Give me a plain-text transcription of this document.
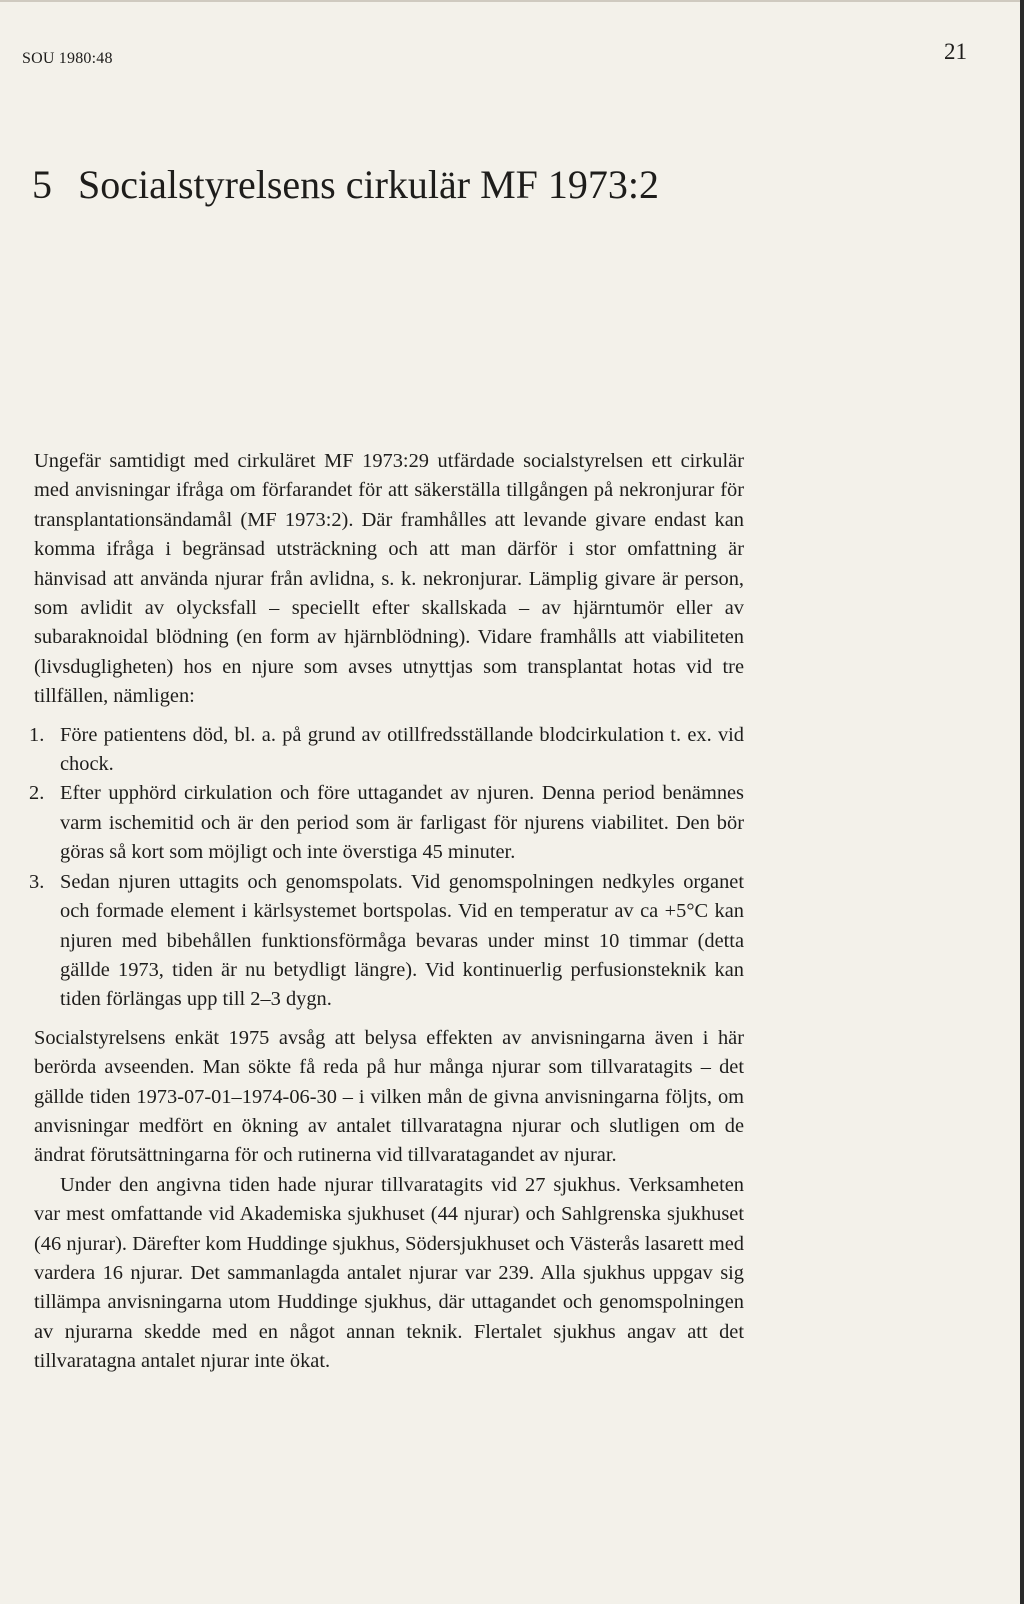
SOU 1980:48	21
5 Socialstyrelsens cirkulär MF 1973:2

Ungefär samtidigt med cirkuläret MF 1973:29 utfärdade socialstyrelsen ett cirkulär med anvisningar ifråga om förfarandet för att säkerställa tillgången på nekronjurar för transplantationsändamål (MF 1973:2). Där framhålles att levande givare endast kan komma ifråga i begränsad utsträckning och att man därför i stor omfattning är hänvisad att använda njurar från avlidna, s. k. nekronjurar. Lämplig givare är person, som avlidit av olycksfall – speciellt efter skallskada – av hjärntumör eller av subaraknoidal blödning (en form av hjärnblödning). Vidare framhålls att viabiliteten (livsdugligheten) hos en njure som avses utnyttjas som transplantat hotas vid tre tillfällen, nämligen:

1. Före patientens död, bl. a. på grund av otillfredsställande blodcirkulation t. ex. vid chock.
2. Efter upphörd cirkulation och före uttagandet av njuren. Denna period benämnes varm ischemitid och är den period som är farligast för njurens viabilitet. Den bör göras så kort som möjligt och inte överstiga 45 minuter.
3. Sedan njuren uttagits och genomspolats. Vid genomspolningen nedkyles organet och formade element i kärlsystemet bortspolas. Vid en temperatur av ca +5°C kan njuren med bibehållen funktionsförmåga bevaras under minst 10 timmar (detta gällde 1973, tiden är nu betydligt längre). Vid kontinuerlig perfusionsteknik kan tiden förlängas upp till 2–3 dygn.

Socialstyrelsens enkät 1975 avsåg att belysa effekten av anvisningarna även i här berörda avseenden. Man sökte få reda på hur många njurar som tillvaratagits – det gällde tiden 1973-07-01–1974-06-30 – i vilken mån de givna anvisningarna följts, om anvisningar medfört en ökning av antalet tillvaratagna njurar och slutligen om de ändrat förutsättningarna för och rutinerna vid tillvaratagandet av njurar.

Under den angivna tiden hade njurar tillvaratagits vid 27 sjukhus. Verksamheten var mest omfattande vid Akademiska sjukhuset (44 njurar) och Sahlgrenska sjukhuset (46 njurar). Därefter kom Huddinge sjukhus, Södersjukhuset och Västerås lasarett med vardera 16 njurar. Det sammanlagda antalet njurar var 239. Alla sjukhus uppgav sig tillämpa anvisningarna utom Huddinge sjukhus, där uttagandet och genomspolningen av njurarna skedde med en något annan teknik. Flertalet sjukhus angav att det tillvaratagna antalet njurar inte ökat.
